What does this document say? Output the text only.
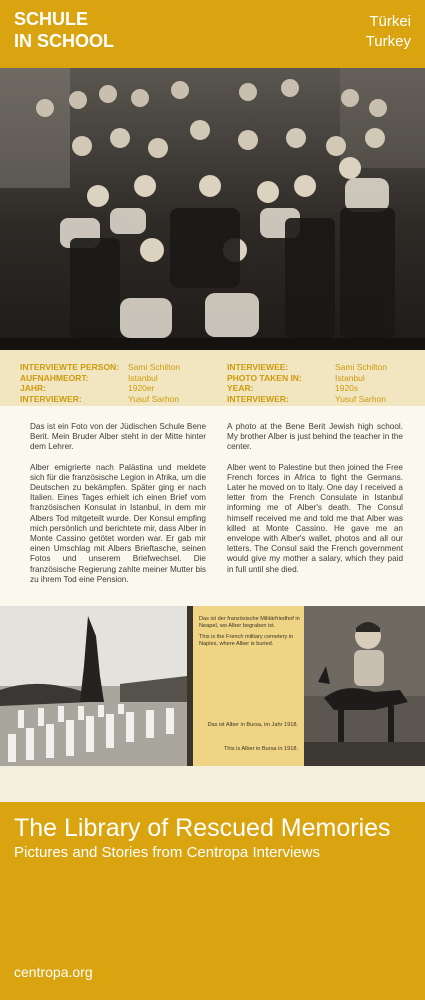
SCHULE
IN SCHOOL
Türkei
Turkey
INTERVIEWTE PERSON:	Sami Schilton
AUFNAHMEORT:	Istanbul
JAHR:	1920er
INTERVIEWER:	Yusuf Sarhon
INTERVIEWEE:	Sami Schilton
PHOTO TAKEN IN:	Istanbul
YEAR:	1920s
INTERVIEWER:	Yusuf Sarhon

Das ist ein Foto von der Jüdischen Schule Bene Berit. Mein Bruder Alber steht in der Mitte hinter dem Lehrer.

Alber emigrierte nach Palästina und meldete sich für die französische Legion in Afrika, um die Deutschen zu bekämpfen. Später ging er nach Italien. Eines Tages erhielt ich einen Brief vom französischen Konsulat in Istanbul, in dem mir Albers Tod mitgeteilt wurde. Der Konsul empfing mich persönlich und berichtete mir, dass Alber in Monte Cassino getötet worden war. Er gab mir einen Umschlag mit Albers Brieftasche, seinen Fotos und unserem Briefwechsel. Die französische Regierung zahlte meiner Mutter bis zu ihrem Tod eine Pension.

A photo at the Bene Berit Jewish high school. My brother Alber is just behind the teacher in the center.

Alber went to Palestine but then joined the Free French forces in Africa to fight the Germans. Later he moved on to Italy. One day I received a letter from the French Consulate in Istanbul informing me of Alber's death. The Consul himself received me and told me that Alber was killed at Monte Cassino. He gave me an envelope with Alber's wallet, photos and all our letters. The Consul said the French government would give my mother a salary, which they paid in full until she died.

Das ist der französische Militärfriedhof in Neapel, wo Alber begraben ist.
This is the French military cemetery in Naples, where Alber is buried.
Das ist Alber in Bursa, im Jahr 1918.
This is Alber in Bursa in 1918.
The Library of Rescued Memories
Pictures and Stories from Centropa Interviews
centropa.org
